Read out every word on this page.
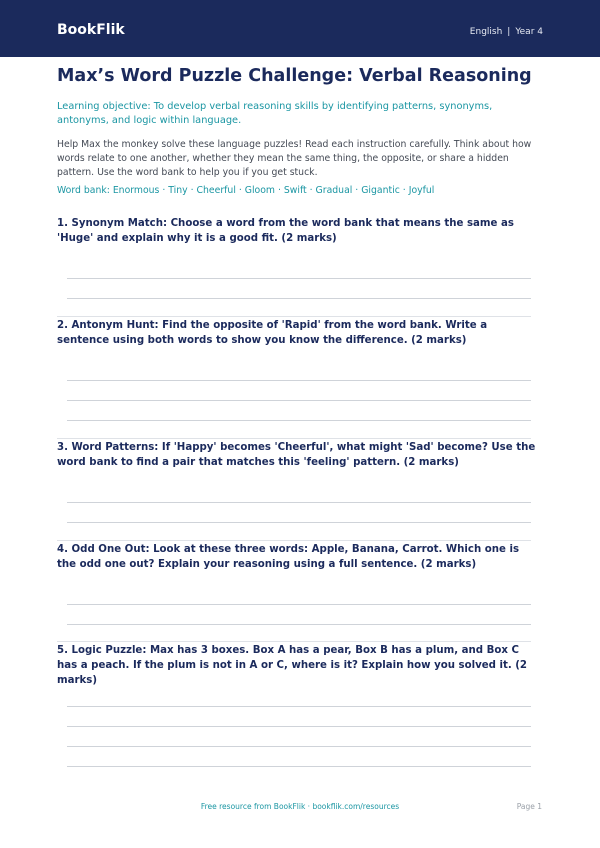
BookFlik	English | Year 4
Max’s Word Puzzle Challenge: Verbal Reasoning
Learning objective: To develop verbal reasoning skills by identifying patterns, synonyms, antonyms, and logic within language.
Help Max the monkey solve these language puzzles! Read each instruction carefully. Think about how words relate to one another, whether they mean the same thing, the opposite, or share a hidden pattern. Use the word bank to help you if you get stuck.
Word bank: Enormous · Tiny · Cheerful · Gloom · Swift · Gradual · Gigantic · Joyful
1. Synonym Match: Choose a word from the word bank that means the same as 'Huge' and explain why it is a good fit. (2 marks)
2. Antonym Hunt: Find the opposite of 'Rapid' from the word bank. Write a sentence using both words to show you know the difference. (2 marks)
3. Word Patterns: If 'Happy' becomes 'Cheerful', what might 'Sad' become? Use the word bank to find a pair that matches this 'feeling' pattern. (2 marks)
4. Odd One Out: Look at these three words: Apple, Banana, Carrot. Which one is the odd one out? Explain your reasoning using a full sentence. (2 marks)
5. Logic Puzzle: Max has 3 boxes. Box A has a pear, Box B has a plum, and Box C has a peach. If the plum is not in A or C, where is it? Explain how you solved it. (2 marks)
Free resource from BookFlik · bookflik.com/resources	Page 1
